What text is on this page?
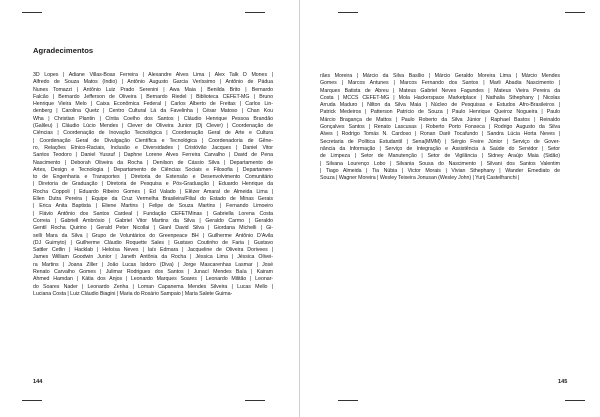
Agradecimentos
3D Lopes | Adiane Villas-Boas Ferreira | Alexandre Alves Lima | Alex Talk D Mones |
Alfredo de Souza Matos (Indio) | Antônio Augusto Garcia Veríssimo | Antônio de Pádua
Nunes Tomazzi | Antônio Luiz Prado Serenini | Awa Maia | Benilda Brito | Bernardo
Falcão | Bernardo Jefferson de Oliveira | Bernardo Riedel | Biblioteca CEFET-MG | Bruno
Henrique Vieira Melo | Caixa Econômica Federal | Carlos Alberto de Freitas | Carlos Lin-
denberg | Carolina Quetz | Centro Cultural Lá da Favelinha | César Matoso | Chan Kou
Wha | Christian Plantin | Cíntia Coelho dos Santos | Cláudio Henrique Pessoa Brandão
(Galileu) | Cláudio Lúcio Mendes | Clever de Oliveira Junior (Dj Clever) | Coordenação de
Ciências | Coordenação de Inovação Tecnológica | Coordenação Geral de Arte e Cultura
| Coordenação Geral de Divulgação Científica e Tecnológica | Coordenadoria de Gêne-
ro, Relações Étnico-Raciais, Inclusão e Diversidades | Cristóvão Jacques | Daniel Vitor
Santos Teodoro | Daniel Yussuf | Daphne Lorene Alves Ferreira Carvalho | David de Pena
Nascimento | Deborah Oliveira da Rocha | Denilson de Cássio Silva | Departamento de
Artes, Design e Tecnologia | Departamento de Ciências Sociais e Filosofia | Departamen-
to de Engenharia e Transportes | Diretoria de Extensão e Desenvolvimento Comunitário
| Diretoria de Graduação | Diretoria de Pesquisa e Pós-Graduação | Eduardo Henrique da
Rocha Coppoli | Eduardo Ribeiro Gomes | Ed Valado | Elêzer Amaral de Almeida Lima |
Ellen Dutra Pereira | Equipe da Cruz Vermelha Brasileira/Filial do Estado de Minas Gerais
| Érica Anita Baptista | Eliene Martins | Felipe de Souza Martins | Fernando Limoeiro
| Flávio Antônio dos Santos Cardeal | Fundação CEFETMinas | Gabriella Lorena Costa
Correia | Gabriell Ambrósio | Gabriel Vitor Martins da Silva | Geraldo Carmo | Geraldo
Gentil Rocha Quirino | Gerald Peter Nicollai | Gianl David Silva | Giordana Michelli | Gi-
selli Mara da Silva | Grupo de Voluntários do Greenpeace BH | Guilherme Antônio D’Ávila
(DJ Guimyto) | Guilherme Cláudio Roquette Sales | Gustavo Coutinho de Faria | Gustavo
Sattler Cetlin | Hacklab | Heloísa Neves | Iaís Edmara | Jacqueline de Oliveira Dorivees |
James William Goodwin Junior | Janeth Antônia da Rocha | Jéssica Lima | Jéssica Olivei-
ra Martins | Joana Ziller | João Lucas Isidoro (Diva) | Jorge Mascarenhas Lasmar | José
Renato Carvalho Gomes | Julimar Rodrigues dos Santos | Junací Mendes Baía | Kairam
Ahmed Hamdan | Kátia dos Anjos | Leonardo Marques Soares | Leonardo Militão | Leonar-
do Soares Nader | Leonardo Zenha | Loman Capanema Mendes Silveira | Lucas Mello |
Luciana Costa | Luiz Cláudio Biagini | Maria do Rosário Sampaio | Maria Salete Guima-

144

rães Moreira | Márcio da Silva Basílio | Márcio Geraldo Moreira Lima | Márcio Mendes
Gomes | Marcos Antunes | Marcos Fernando dos Santos | Marli Abadia Nascimento |
Marques Batista de Abreu | Mateus Gabriel Neves Fagundes | Mateus Vieira Pereira da
Costa | MCCS CEFET-MG | Mola Hackerspace Marketplace | Nathalia Sthephany | Nicolas
Arruda Maduro | Nilton da Silva Maia | Núcleo de Pesquisas e Estudos Afro-Brasileiros |
Patrick Medeiros | Patterson Patrício de Souza | Paulo Henrique Queiroz Nogueira | Paulo
Márcio Bragança de Mattos | Paulo Roberto da Silva Júnior | Raphael Bastos | Reinaldo
Gonçalves Santos | Renato Lascusas | Roberto Porto Fonseca | Rodrigo Augusto da Silva
Alves | Rodrigo Tomás N. Cardoso | Ronan Darê Tocafundo | Sandra Lúcia Horta Neves |
Secretaria de Política Estudantil | Sena(MMM) | Sérgio Freire Júnior | Serviço de Gover-
nância da Informação | Serviço de Integração e Assistência à Saúde do Servidor | Setor
de Limpeza | Setor de Manutenção | Setor de Vigilância | Sidney Araújo Maia (Sidão)
| Silvana Lourenço Lobo | Silvania Sousa do Nascimento | Silvani dos Santos Valentim
| Tiago Almeida | Tia Núbia | Victor Morais | Vivian Sthephany | Wander Emediato de
Souza | Wagner Moreira | Wesley Teixeira Jonusan (Wesley John) | Yurij Castelfranchi |

145
